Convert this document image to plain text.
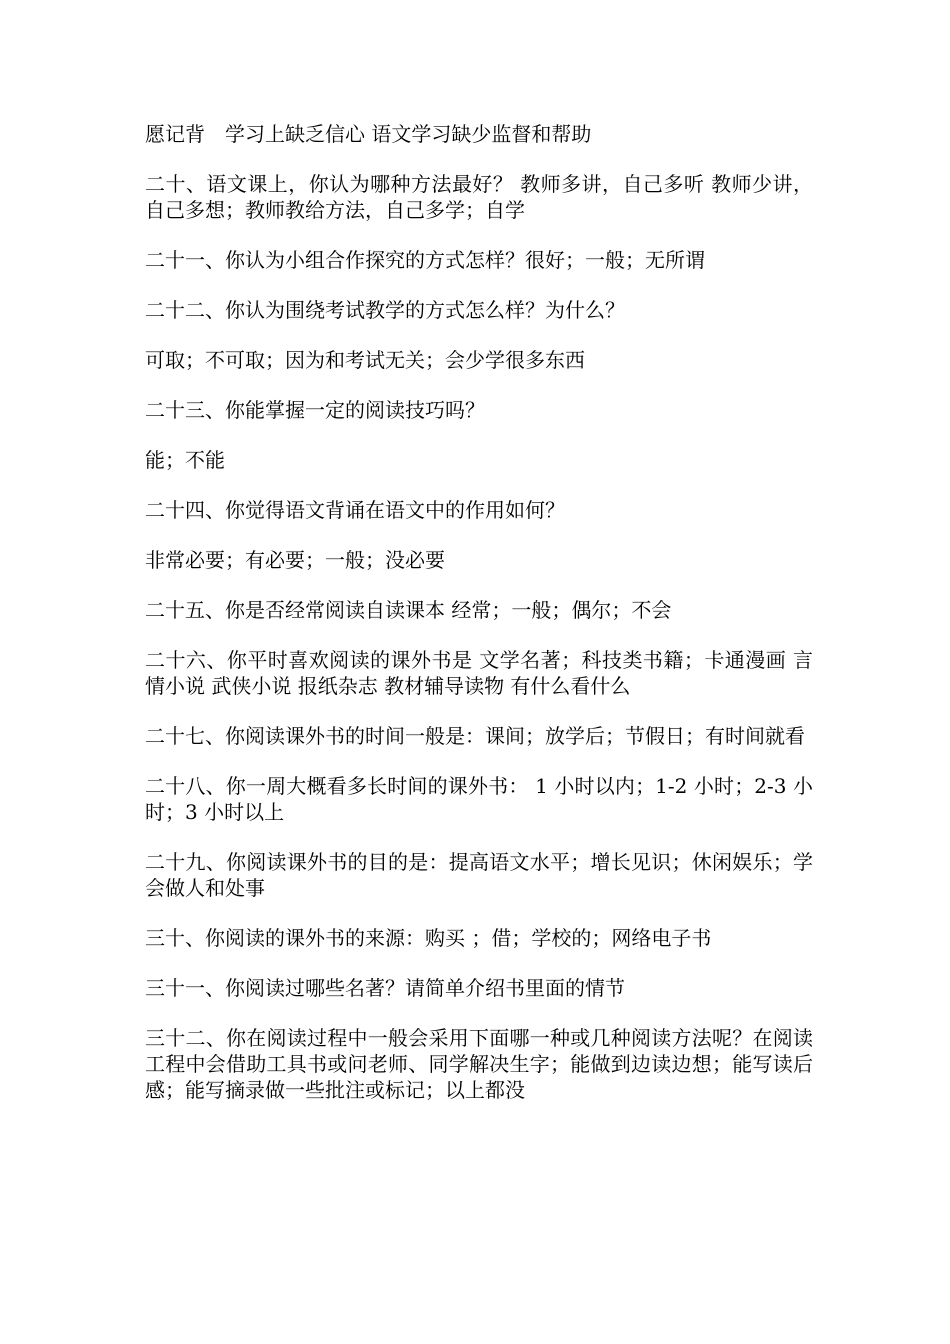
愿记背　学习上缺乏信心 语文学习缺少监督和帮助

二十、语文课上，你认为哪种方法最好？ 教师多讲，自己多听 教师少讲，自己多想；教师教给方法，自己多学；自学

二十一、你认为小组合作探究的方式怎样？很好；一般；无所谓

二十二、你认为围绕考试教学的方式怎么样？为什么？

可取；不可取；因为和考试无关；会少学很多东西

二十三、你能掌握一定的阅读技巧吗？

能；不能

二十四、你觉得语文背诵在语文中的作用如何？

非常必要；有必要；一般；没必要

二十五、你是否经常阅读自读课本 经常；一般；偶尔；不会

二十六、你平时喜欢阅读的课外书是 文学名著；科技类书籍；卡通漫画 言情小说 武侠小说 报纸杂志 教材辅导读物 有什么看什么

二十七、你阅读课外书的时间一般是：课间；放学后；节假日；有时间就看

二十八、你一周大概看多长时间的课外书： 1 小时以内；1-2 小时；2-3 小时；3 小时以上

二十九、你阅读课外书的目的是：提高语文水平；增长见识；休闲娱乐；学会做人和处事

三十、你阅读的课外书的来源：购买 ；借；学校的；网络电子书

三十一、你阅读过哪些名著？请简单介绍书里面的情节

三十二、你在阅读过程中一般会采用下面哪一种或几种阅读方法呢？在阅读工程中会借助工具书或问老师、同学解决生字；能做到边读边想；能写读后感；能写摘录做一些批注或标记；以上都没
